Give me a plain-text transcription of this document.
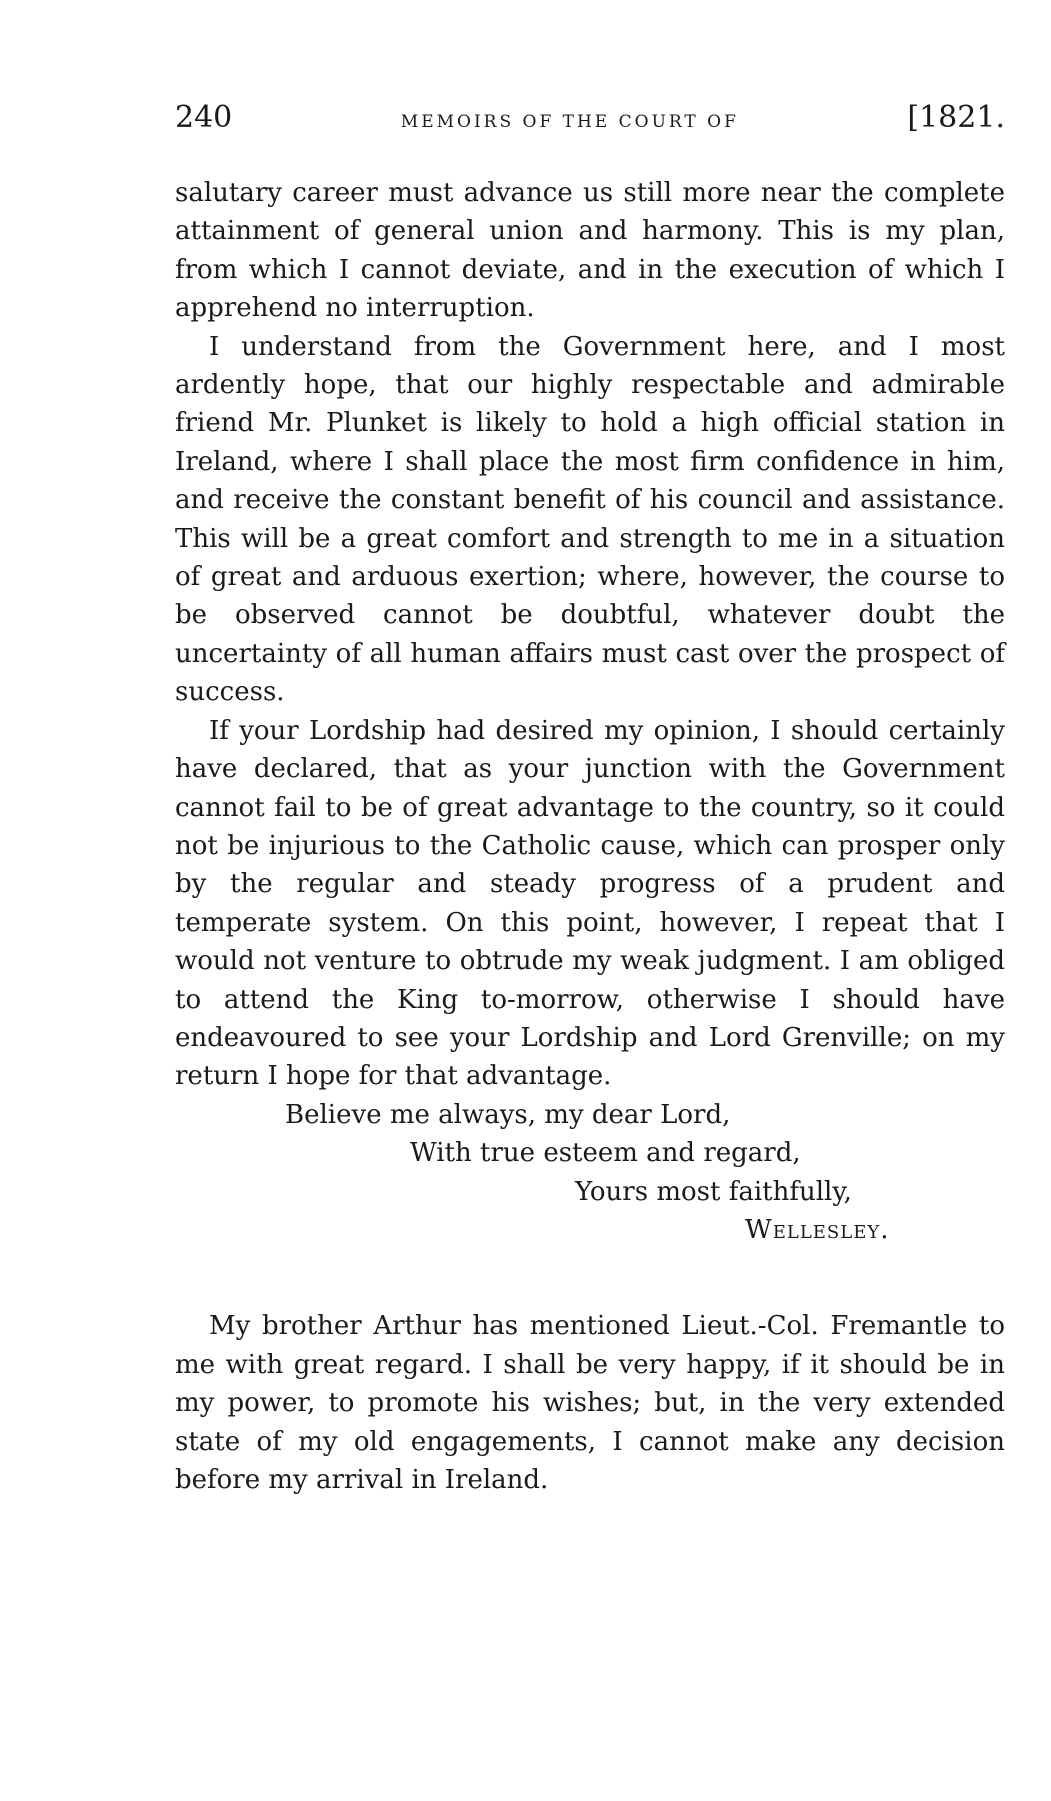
240	MEMOIRS OF THE COURT OF	[1821.

salutary career must advance us still more near the complete attainment of general union and harmony. This is my plan, from which I cannot deviate, and in the execution of which I apprehend no interruption.

I understand from the Government here, and I most ardently hope, that our highly respectable and admirable friend Mr. Plunket is likely to hold a high official station in Ireland, where I shall place the most firm confidence in him, and receive the constant benefit of his council and assistance. This will be a great comfort and strength to me in a situation of great and arduous exertion; where, however, the course to be observed cannot be doubtful, whatever doubt the uncertainty of all human affairs must cast over the prospect of success.

If your Lordship had desired my opinion, I should certainly have declared, that as your junction with the Government cannot fail to be of great advantage to the country, so it could not be injurious to the Catholic cause, which can prosper only by the regular and steady progress of a prudent and temperate system. On this point, however, I repeat that I would not venture to obtrude my weak judgment. I am obliged to attend the King to-morrow, otherwise I should have endeavoured to see your Lordship and Lord Grenville; on my return I hope for that advantage.

Believe me always, my dear Lord,
With true esteem and regard,
Yours most faithfully,
Wellesley.

My brother Arthur has mentioned Lieut.-Col. Fremantle to me with great regard. I shall be very happy, if it should be in my power, to promote his wishes; but, in the very extended state of my old engagements, I cannot make any decision before my arrival in Ireland.
